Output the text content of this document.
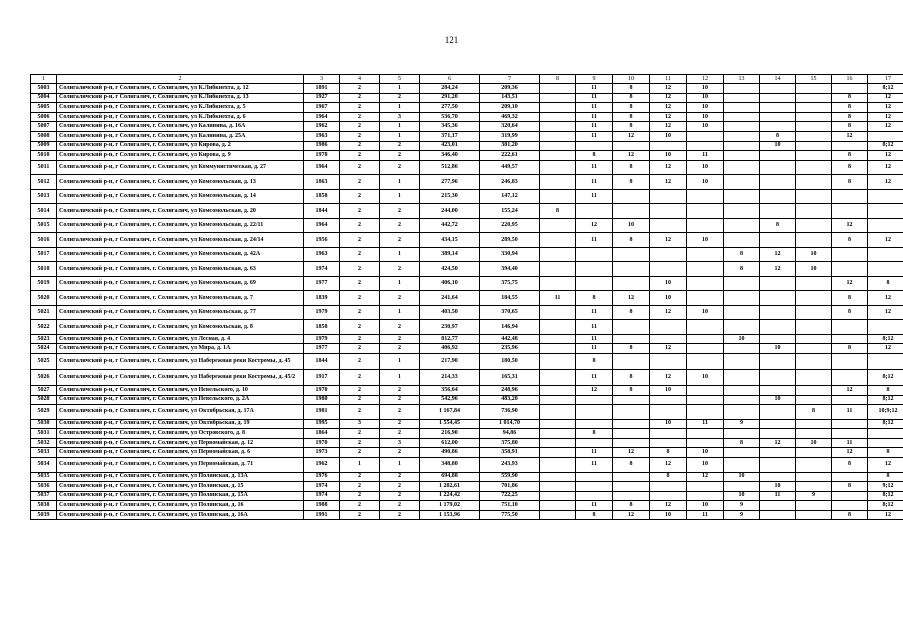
121
1	2	3	4	5	6	7	8	9	10	11	12	13	14	15	16	17
5003	Солигаличский р-н, г Солигалич, г. Солигалич, ул К.Либкнехта, д. 12	1891	2	1	284,24	209,36		11	8	12	10					8;12
5004	Солигаличский р-н, г Солигалич, г. Солигалич, ул К.Либкнехта, д. 13	1927	2	2	291,20	143,51		11	8	12	10				8	12
5005	Солигаличский р-н, г Солигалич, г. Солигалич, ул К.Либкнехта, д. 5	1967	2	1	277,50	209,10		11	8	12	10				8	12
5006	Солигаличский р-н, г Солигалич, г. Солигалич, ул К.Либкнехта, д. 6	1964	2	3	536,70	469,32		11	8	12	10				8	12
5007	Солигаличский р-н, г Солигалич, г. Солигалич, ул Калинина, д. 16А	1962	2	1	345,36	320,64		11	8	12	10				8	12
5008	Солигаличский р-н, г Солигалич, г. Солигалич, ул Калинина, д. 25А	1963	2	1	371,17	319,99		11	12	10			8		12	
5009	Солигаличский р-н, г Солигалич, г. Солигалич, ул Кирова, д. 2	1986	2	2	423,01	381,20							10			8;12
5010	Солигаличский р-н, г Солигалич, г. Солигалич, ул Кирова, д. 9	1978	2	2	346,40	222,61		8	12	10	11				8	12
5011	Солигаличский р-н, г Солигалич, г. Солигалич, ул Коммунистическая, д. 27	1964	2	2	512,86	449,57		11	8	12	10				8	12
5012	Солигаличский р-н, г Солигалич, г. Солигалич, ул Комсомольская, д. 13	1863	2	1	277,96	246,83		11	8	12	10				8	12
5013	Солигаличский р-н, г Солигалич, г. Солигалич, ул Комсомольская, д. 14	1858	2	1	215,30	147,12		11								
5014	Солигаличский р-н, г Солигалич, г. Солигалич, ул Комсомольская, д. 20	1844	2	2	244,00	155,24	8									
5015	Солигаличский р-н, г Солигалич, г. Солигалич, ул Комсомольская, д. 22/11	1964	2	2	442,72	220,95		12	10				8		12	
5016	Солигаличский р-н, г Солигалич, г. Солигалич, ул Комсомольская, д. 24/14	1956	2	2	434,15	289,50		11	8	12	10				8	12
5017	Солигаличский р-н, г Солигалич, г. Солигалич, ул Комсомольская, д. 42А	1963	2	1	389,14	330,94						8	12	10		
5018	Солигаличский р-н, г Солигалич, г. Солигалич, ул Комсомольская, д. 63	1974	2	2	424,50	394,40						8	12	10		
5019	Солигаличский р-н, г Солигалич, г. Солигалич, ул Комсомольская, д. 69	1977	2	1	406,10	375,75				10					12	8
5020	Солигаличский р-н, г Солигалич, г. Солигалич, ул Комсомольская, д. 7	1839	2	2	241,64	184,55	11	8	12	10					8	12
5021	Солигаличский р-н, г Солигалич, г. Солигалич, ул Комсомольская, д. 77	1979	2	1	403,50	370,65		11	8	12	10				8	12
5022	Солигаличский р-н, г Солигалич, г. Солигалич, ул Комсомольская, д. 8	1858	2	2	230,97	146,94		11								
5023	Солигаличский р-н, г Солигалич, г. Солигалич, ул Лесная, д. 4	1979	2	2	812,77	442,48		11				10				8;12
5024	Солигаличский р-н, г Солигалич, г. Солигалич, ул Мира, д. 1А	1977	2	2	406,92	235,96		11	8	12			10		8	12
5025	Солигаличский р-н, г Солигалич, г. Солигалич, ул Набережная реки Костромы, д. 45	1844	2	1	217,90	180,50		8								
5026	Солигаличский р-н, г Солигалич, г. Солигалич, ул Набережная реки Костромы, д. 45/2	1917	2	1	214,33	165,31		11	8	12	10					8;12
5027	Солигаличский р-н, г Солигалич, г. Солигалич, ул Невельского, д. 10	1970	2	2	356,64	248,96		12	8	10					12	8
5028	Солигаличский р-н, г Солигалич, г. Солигалич, ул Невельского, д. 2А	1980	2	2	542,96	483,20							10			8;12
5029	Солигаличский р-н, г Солигалич, г. Солигалич, ул Октябрьская, д. 17А	1981	2	2	1 167,84	736,90								8	11	10;9;12
5030	Солигаличский р-н, г Солигалич, г. Солигалич, ул Октябрьская, д. 19	1995	3	2	1 554,45	1 014,70				10	11	9				8;12
5031	Солигаличский р-н, г Солигалич, г. Солигалич, ул Островского, д. 8	1864	2	2	216,90	94,86		8								
5032	Солигаличский р-н, г Солигалич, г. Солигалич, ул Первомайская, д. 12	1970	2	3	612,00	375,80						8	12	10	11	
5033	Солигаличский р-н, г Солигалич, г. Солигалич, ул Первомайская, д. 6	1973	2	2	490,86	358,91		11	12	8	10				12	8
5034	Солигаличский р-н, г Солигалич, г. Солигалич, ул Первомайская, д. 71	1962	1	1	348,80	243,93		11	8	12	10				8	12
5035	Солигаличский р-н, г Солигалич, г. Солигалич, ул Полянская, д. 13А	1976	2	2	694,88	559,90				8	12	10				8
5036	Солигаличский р-н, г Солигалич, г. Солигалич, ул Полянская, д. 15	1974	2	2	1 202,61	701,86							10		8	9;12
5037	Солигаличский р-н, г Солигалич, г. Солигалич, ул Полянская, д. 15А	1974	2	2	1 224,42	722,25						10	11	9		8;12
5038	Солигаличский р-н, г Солигалич, г. Солигалич, ул Полянская, д. 16	1988	2	2	1 179,02	751,10		11	8	12	10	9				8;12
5039	Солигаличский р-н, г Солигалич, г. Солигалич, ул Полянская, д. 16А	1991	2	2	1 153,96	775,50		8	12	10	11	9			8	12
